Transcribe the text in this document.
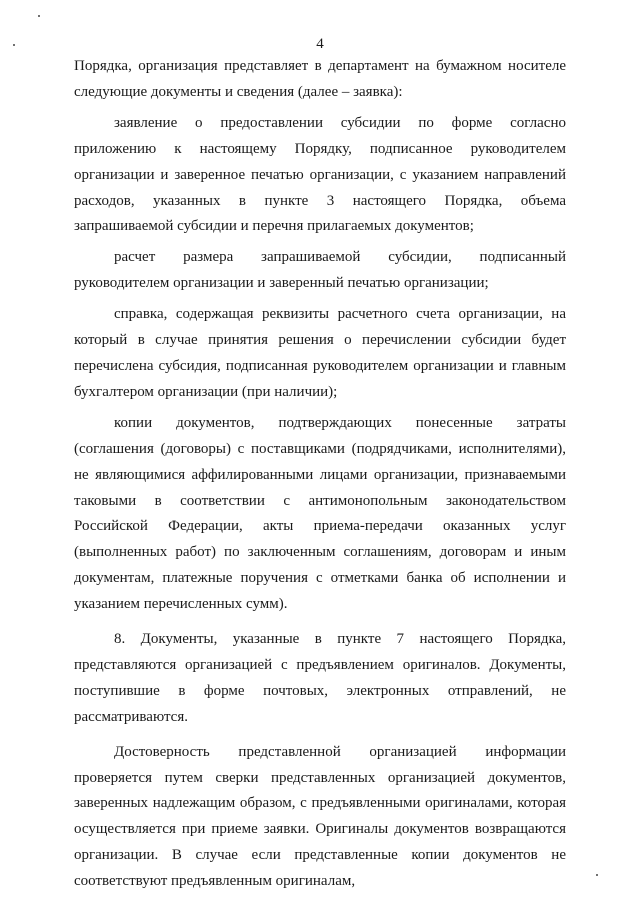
4

Порядка, организация представляет в департамент на бумажном носителе следующие документы и сведения (далее – заявка):

заявление о предоставлении субсидии по форме согласно приложению к настоящему Порядку, подписанное руководителем организации и заверенное печатью организации, с указанием направлений расходов, указанных в пункте 3 настоящего Порядка, объема запрашиваемой субсидии и перечня прилагаемых документов;

расчет размера запрашиваемой субсидии, подписанный руководителем организации и заверенный печатью организации;

справка, содержащая реквизиты расчетного счета организации, на который в случае принятия решения о перечислении субсидии будет перечислена субсидия, подписанная руководителем организации и главным бухгалтером организации (при наличии);

копии документов, подтверждающих понесенные затраты (соглашения (договоры) с поставщиками (подрядчиками, исполнителями), не являющимися аффилированными лицами организации, признаваемыми таковыми в соответствии с антимонопольным законодательством Российской Федерации, акты приема-передачи оказанных услуг (выполненных работ) по заключенным соглашениям, договорам и иным документам, платежные поручения с отметками банка об исполнении и указанием перечисленных сумм).

8. Документы, указанные в пункте 7 настоящего Порядка, представляются организацией с предъявлением оригиналов. Документы, поступившие в форме почтовых, электронных отправлений, не рассматриваются.

Достоверность представленной организацией информации проверяется путем сверки представленных организацией документов, заверенных надлежащим образом, с предъявленными оригиналами, которая осуществляется при приеме заявки. Оригиналы документов возвращаются организации. В случае если представленные копии документов не соответствуют предъявленным оригиналам,
